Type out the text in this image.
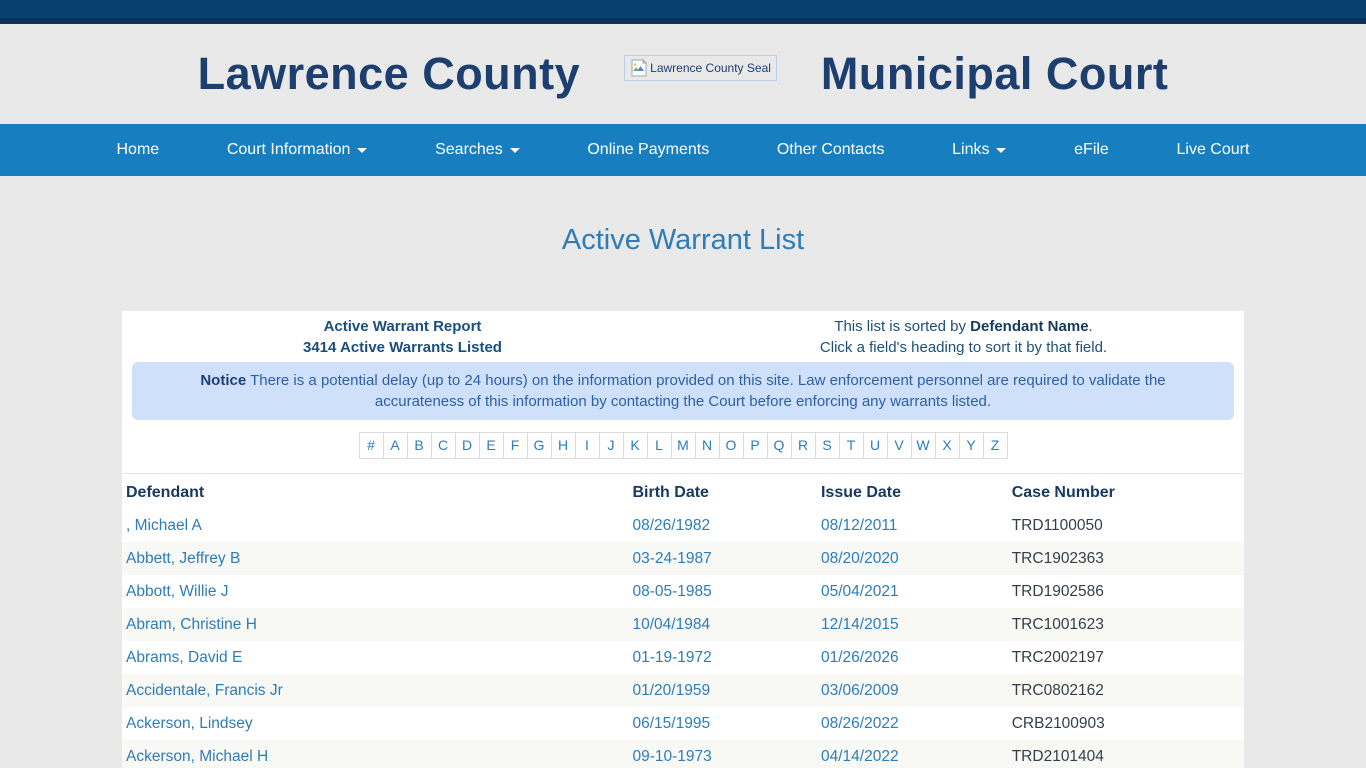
Lawrence County	Lawrence County Seal Municipal Court
Home	Court Information	Searches	Online Payments	Other Contacts	Links	eFile	Live Court
Active Warrant List
Active Warrant Report
3414 Active Warrants Listed
This list is sorted by Defendant Name.
Click a field's heading to sort it by that field.
Notice There is a potential delay (up to 24 hours) on the information provided on this site. Law enforcement personnel are required to validate the accurateness of this information by contacting the Court before enforcing any warrants listed.
#	A	B	C D	E	F	G H	I	J	K	L	M N O P Q R	S	T	U	V W X	Y	Z
Defendant	Birth Date	Issue Date	Case Number
, Michael A	08/26/1982	08/12/2011	TRD1100050
Abbett, Jeffrey B	03-24-1987	08/20/2020	TRC1902363
Abbott, Willie J	08-05-1985	05/04/2021	TRD1902586
Abram, Christine H	10/04/1984	12/14/2015	TRC1001623
Abrams, David E	01-19-1972	01/26/2026	TRC2002197
Accidentale, Francis Jr	01/20/1959	03/06/2009	TRC0802162
Ackerson, Lindsey	06/15/1995	08/26/2022	CRB2100903
Ackerson, Michael H	09-10-1973	04/14/2022	TRD2101404
